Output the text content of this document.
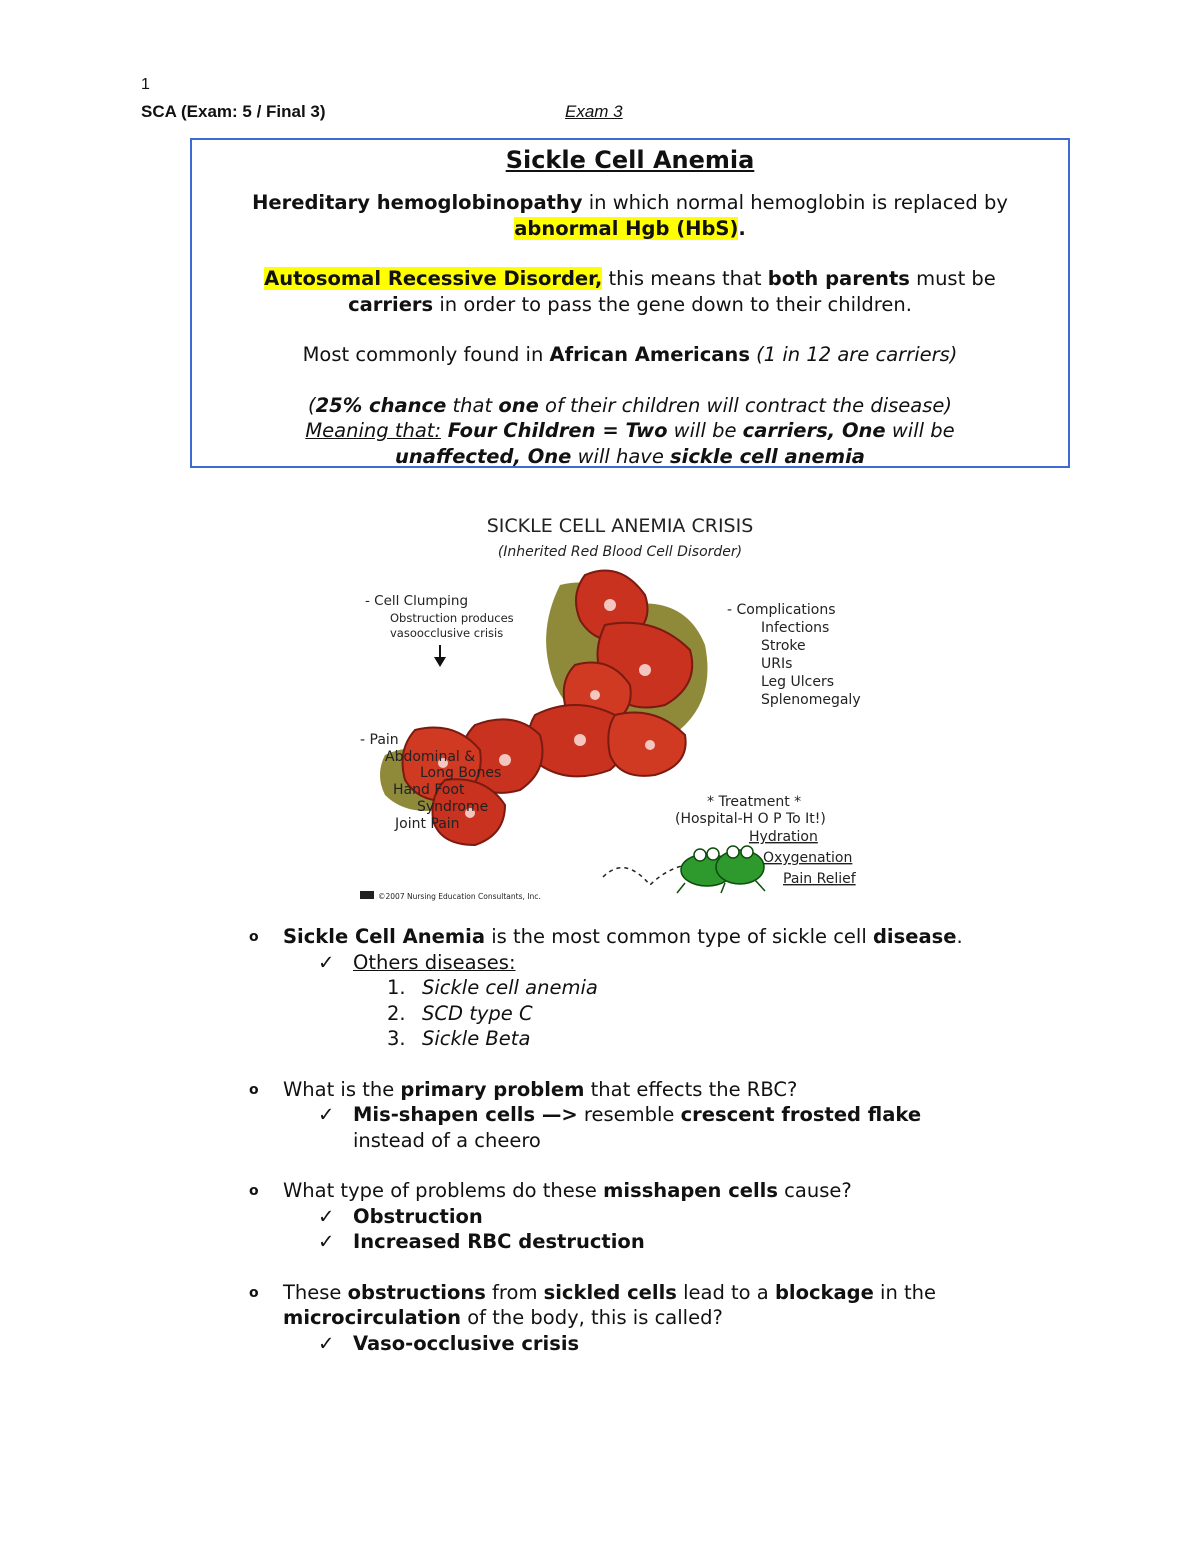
1
SCA (Exam: 5 / Final 3)	Exam 3
Sickle Cell Anemia

Hereditary hemoglobinopathy in which normal hemoglobin is replaced by

abnormal Hgb (HbS).

Autosomal Recessive Disorder, this means that both parents must be

carriers in order to pass the gene down to their children.

Most commonly found in African Americans (1 in 12 are carriers)

(25% chance that one of their children will contract the disease)

Meaning that: Four Children = Two will be carriers, One will be

unaffected, One will have sickle cell anemia

SICKLE CELL ANEMIA CRISIS
(Inherited Red Blood Cell Disorder)
- Cell Clumping
Obstruction produces
vasoocclusive crisis
- Pain
Abdominal &
Long Bones
Hand Foot
Syndrome
Joint Pain
- Complications
Infections
Stroke
URIs
Leg Ulcers
Splenomegaly
* Treatment *
(Hospital-H O P To It!)
Hydration
Oxygenation
Pain Relief
©2007 Nursing Education Consultants, Inc.
o Sickle Cell Anemia is the most common type of sickle cell disease.
✓ Others diseases:
1. Sickle cell anemia
2. SCD type C
3. Sickle Beta
o What is the primary problem that effects the RBC?
✓ Mis-shapen cells —> resemble crescent frosted flake
instead of a cheero
o What type of problems do these misshapen cells cause?
✓ Obstruction
✓ Increased RBC destruction
o These obstructions from sickled cells lead to a blockage in the
microcirculation of the body, this is called?
✓ Vaso-occlusive crisis
